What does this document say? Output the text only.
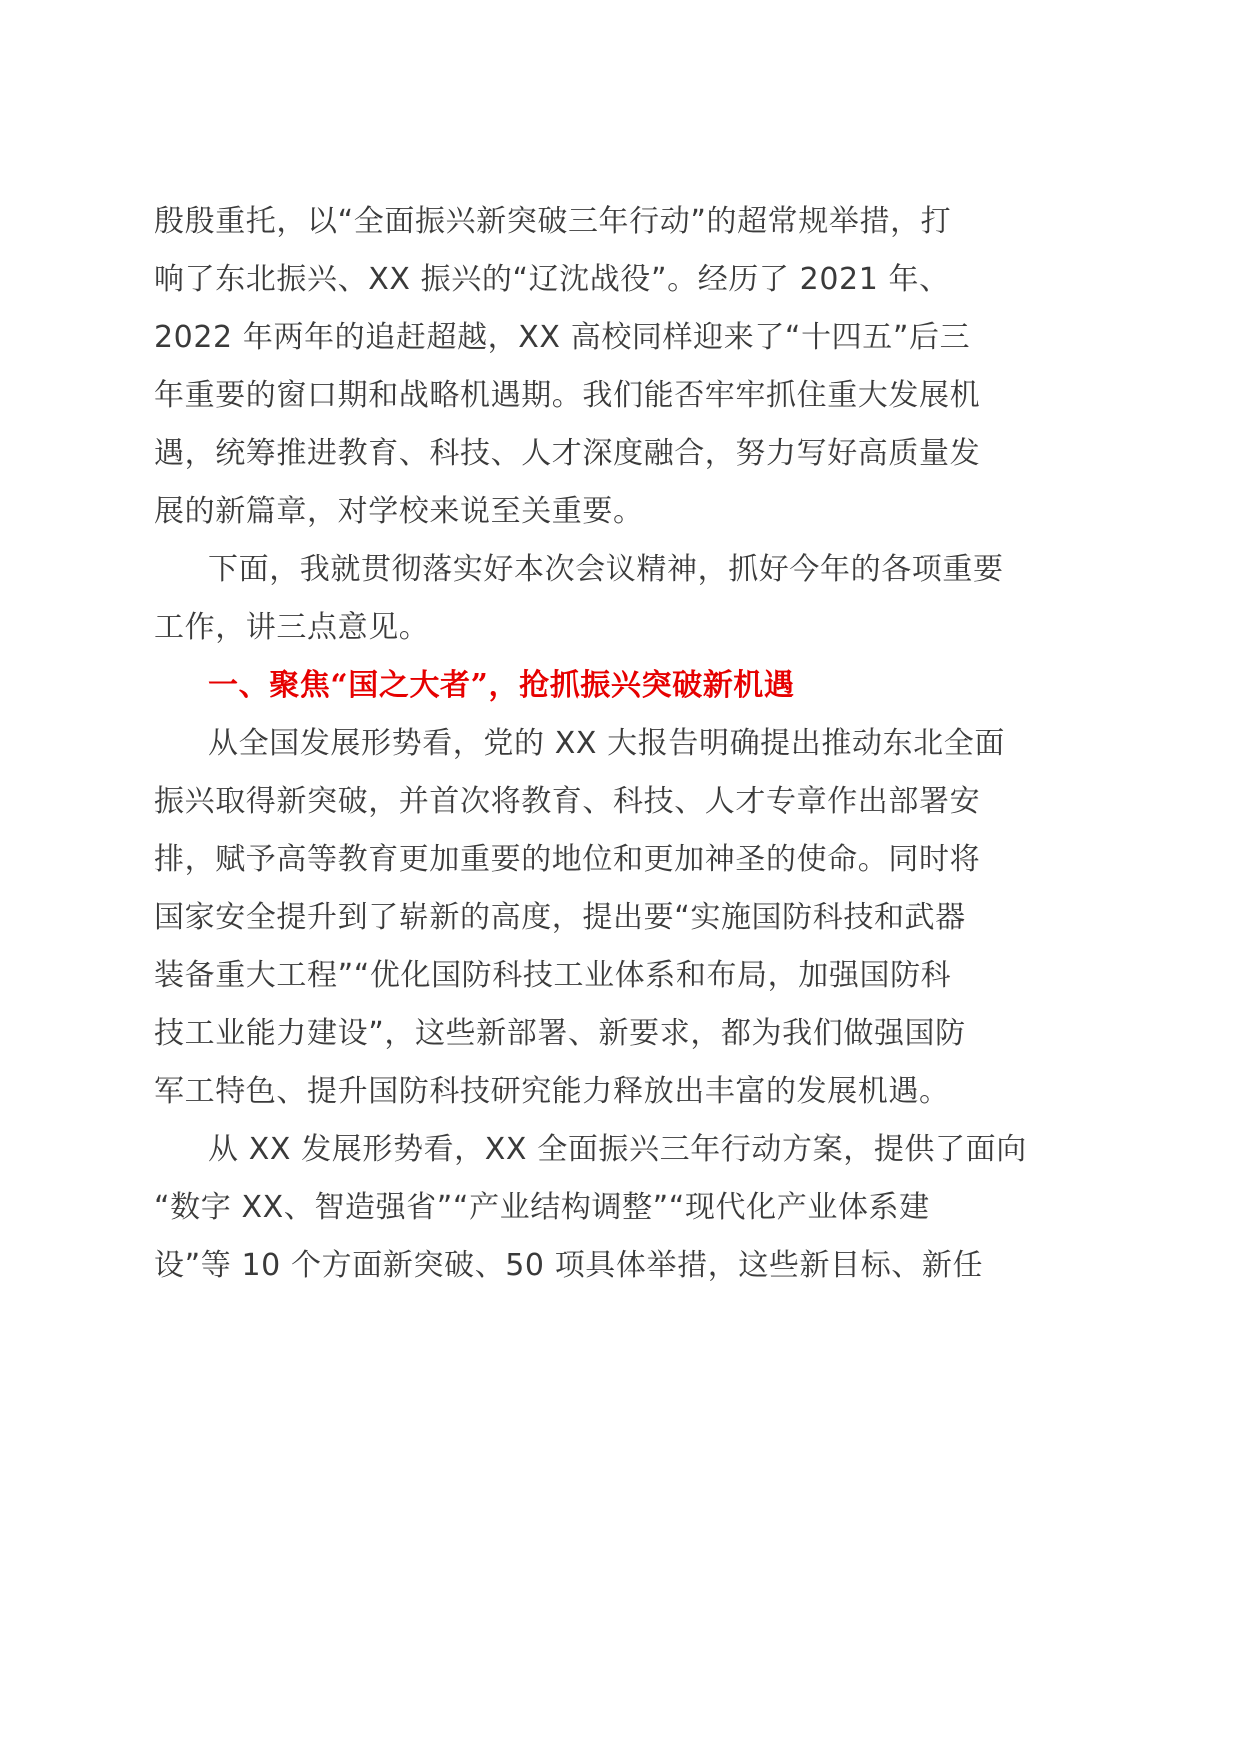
殷殷重托，以“全面振兴新突破三年行动”的超常规举措，打
响了东北振兴、XX 振兴的“辽沈战役”。经历了 2021 年、
2022 年两年的追赶超越，XX 高校同样迎来了“十四五”后三
年重要的窗口期和战略机遇期。我们能否牢牢抓住重大发展机
遇，统筹推进教育、科技、人才深度融合，努力写好高质量发
展的新篇章，对学校来说至关重要。
下面，我就贯彻落实好本次会议精神，抓好今年的各项重要
工作，讲三点意见。
一、聚焦“国之大者”，抢抓振兴突破新机遇
从全国发展形势看，党的 XX 大报告明确提出推动东北全面
振兴取得新突破，并首次将教育、科技、人才专章作出部署安
排，赋予高等教育更加重要的地位和更加神圣的使命。同时将
国家安全提升到了崭新的高度，提出要“实施国防科技和武器
装备重大工程”“优化国防科技工业体系和布局，加强国防科
技工业能力建设”，这些新部署、新要求，都为我们做强国防
军工特色、提升国防科技研究能力释放出丰富的发展机遇。
从 XX 发展形势看，XX 全面振兴三年行动方案，提供了面向
“数字 XX、智造强省”“产业结构调整”“现代化产业体系建
设”等 10 个方面新突破、50 项具体举措，这些新目标、新任
